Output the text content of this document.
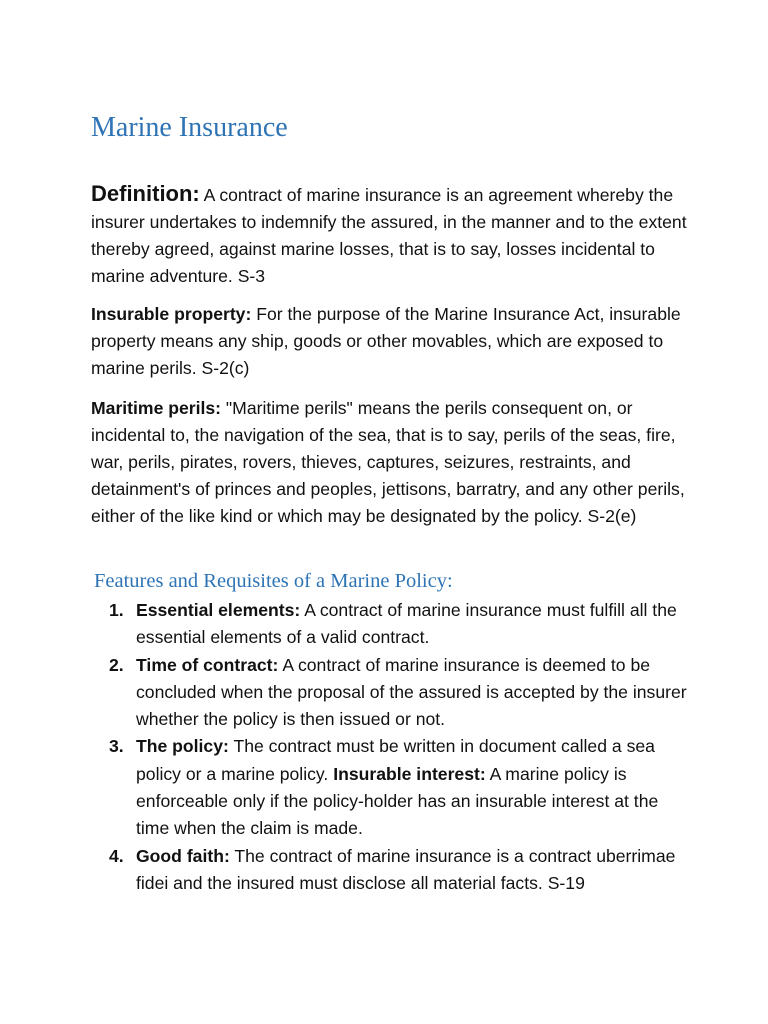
Marine Insurance

Definition: A contract of marine insurance is an agreement whereby the insurer undertakes to indemnify the assured, in the manner and to the extent thereby agreed, against marine losses, that is to say, losses incidental to marine adventure. S-3

Insurable property: For the purpose of the Marine Insurance Act, insurable property means any ship, goods or other movables, which are exposed to marine perils. S-2(c)

Maritime perils: "Maritime perils" means the perils consequent on, or incidental to, the navigation of the sea, that is to say, perils of the seas, fire, war, perils, pirates, rovers, thieves, captures, seizures, restraints, and detainment's of princes and peoples, jettisons, barratry, and any other perils, either of the like kind or which may be designated by the policy. S-2(e)

Features and Requisites of a Marine Policy:
1. Essential elements: A contract of marine insurance must fulfill all the essential elements of a valid contract.
2. Time of contract: A contract of marine insurance is deemed to be concluded when the proposal of the assured is accepted by the insurer whether the policy is then issued or not.
3. The policy: The contract must be written in document called a sea policy or a marine policy. Insurable interest: A marine policy is enforceable only if the policy-holder has an insurable interest at the time when the claim is made.
4. Good faith: The contract of marine insurance is a contract uberrimae fidei and the insured must disclose all material facts. S-19
